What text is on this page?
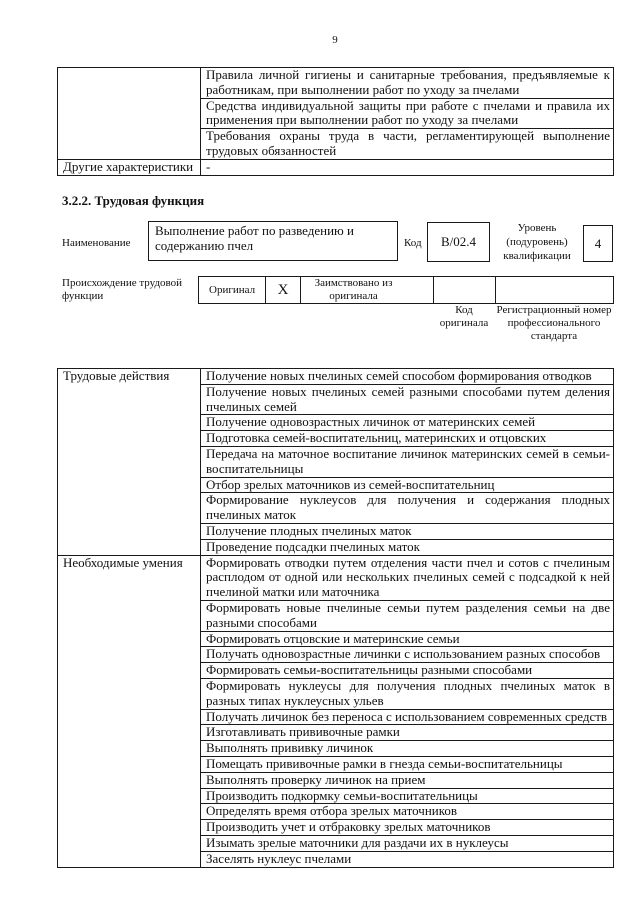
9
	Правила личной гигиены и санитарные требования, предъявляемые к работникам, при выполнении работ по уходу за пчелами
	Средства индивидуальной защиты при работе с пчелами и правила их применения при выполнении работ по уходу за пчелами
	Требования охраны труда в части, регламентирующей выполнение трудовых обязанностей
Другие характеристики	-
3.2.2. Трудовая функция
Наименование
Выполнение работ по разведению и содержанию пчел	Код B/02.4
Уровень (подуровень) квалификации
4
Происхождение трудовой функции
Оригинал	X	Заимствовано из оригинала		
Код оригинала
Регистрационный номер профессионального стандарта
Трудовые действия	Получение новых пчелиных семей способом формирования отводков
	Получение новых пчелиных семей разными способами путем деления пчелиных семей
	Получение одновозрастных личинок от материнских семей
	Подготовка семей-воспитательниц, материнских и отцовских
	Передача на маточное воспитание личинок материнских семей в семьи-воспитательницы
	Отбор зрелых маточников из семей-воспитательниц
	Формирование нуклеусов для получения и содержания плодных пчелиных маток
	Получение плодных пчелиных маток
	Проведение подсадки пчелиных маток
Необходимые умения	Формировать отводки путем отделения части пчел и сотов с пчелиным расплодом от одной или нескольких пчелиных семей с подсадкой к ней пчелиной матки или маточника
	Формировать новые пчелиные семьи путем разделения семьи на две разными способами
	Формировать отцовские и материнские семьи
	Получать одновозрастные личинки с использованием разных способов
	Формировать семьи-воспитательницы разными способами
	Формировать нуклеусы для получения плодных пчелиных маток в разных типах нуклеусных ульев
	Получать личинок без переноса с использованием современных средств
	Изготавливать прививочные рамки
	Выполнять прививку личинок
	Помещать прививочные рамки в гнезда семьи-воспитательницы
	Выполнять проверку личинок на прием
	Производить подкормку семьи-воспитательницы
	Определять время отбора зрелых маточников
	Производить учет и отбраковку зрелых маточников
	Изымать зрелые маточники для раздачи их в нуклеусы
	Заселять нуклеус пчелами
